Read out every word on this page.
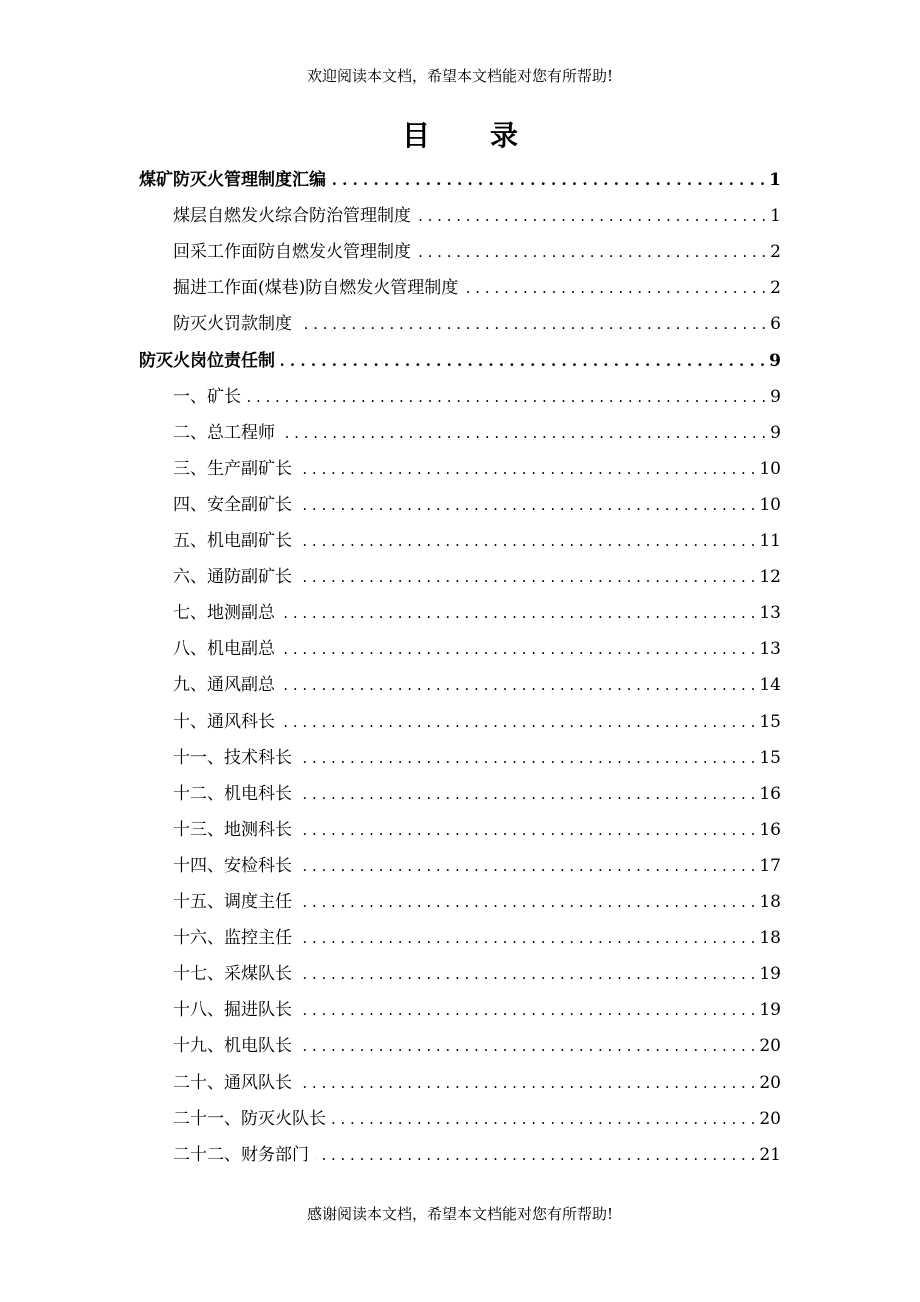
欢迎阅读本文档，希望本文档能对您有所帮助!
目录
煤矿防灭火管理制度汇编 . . .	1
煤层自燃发火综合防治管理制度 . . .	1
回采工作面防自燃发火管理制度 . . .	2
掘进工作面(煤巷)防自燃发火管理制度 . . .	2
防灭火罚款制度 . . .	6
防灭火岗位责任制 . . .	9
一、矿长 . . .	9
二、总工程师 . . .	9
三、生产副矿长 . . .	10
四、安全副矿长 . . .	10
五、机电副矿长 . . .	11
六、通防副矿长 . . .	12
七、地测副总 . . .	13
八、机电副总 . . .	13
九、通风副总 . . .	14
十、通风科长 . . .	15
十一、技术科长 . . .	15
十二、机电科长 . . .	16
十三、地测科长 . . .	16
十四、安检科长 . . .	17
十五、调度主任 . . .	18
十六、监控主任 . . .	18
十七、采煤队长 . . .	19
十八、掘进队长 . . .	19
十九、机电队长 . . .	20
二十、通风队长 . . .	20
二十一、防灭火队长 . . .	20
二十二、财务部门 . . .	21
感谢阅读本文档，希望本文档能对您有所帮助!
